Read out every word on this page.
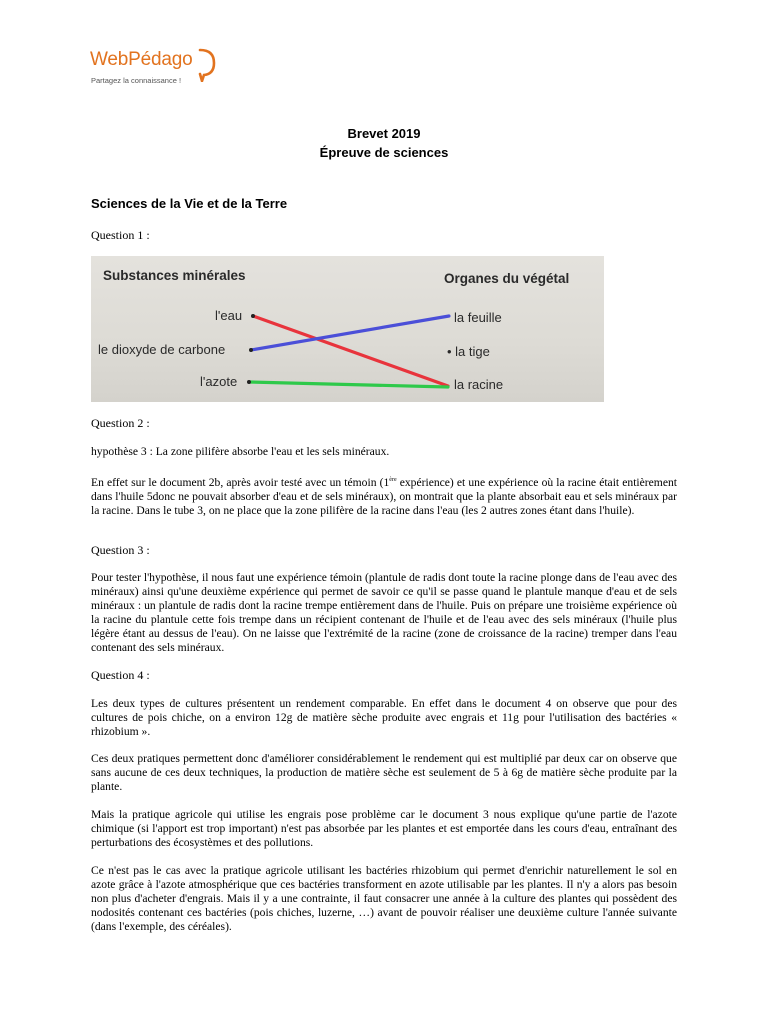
WebPédago
Partagez la connaissance !
Brevet 2019
Épreuve de sciences
Sciences de la Vie et de la Terre
Question 1 :
Substances minérales	Organes du végétal
l'eau
le dioxyde de carbone
l'azote
la feuille
• la tige
la racine
Question 2 :
hypothèse 3 : La zone pilifère absorbe l'eau et les sels minéraux.
En effet sur le document 2b, après avoir testé avec un témoin (1ère expérience) et une expérience où la racine était entièrement dans l'huile 5donc ne pouvait absorber d'eau et de sels minéraux), on montrait que la plante absorbait eau et sels minéraux par la racine. Dans le tube 3, on ne place que la zone pilifère de la racine dans l'eau (les 2 autres zones étant dans l'huile).
Question 3 :
Pour tester l'hypothèse, il nous faut une expérience témoin (plantule de radis dont toute la racine plonge dans de l'eau avec des minéraux) ainsi qu'une deuxième expérience qui permet de savoir ce qu'il se passe quand le plantule manque d'eau et de sels minéraux : un plantule de radis dont la racine trempe entièrement dans de l'huile. Puis on prépare une troisième expérience où la racine du plantule cette fois trempe dans un récipient contenant de l'huile et de l'eau avec des sels minéraux (l'huile plus légère étant au dessus de l'eau). On ne laisse que l'extrémité de la racine (zone de croissance de la racine) tremper dans l'eau contenant des sels minéraux.
Question 4 :
Les deux types de cultures présentent un rendement comparable. En effet dans le document 4 on observe que pour des cultures de pois chiche, on a environ 12g de matière sèche produite avec engrais et 11g pour l'utilisation des bactéries « rhizobium ».
Ces deux pratiques permettent donc d'améliorer considérablement le rendement qui est multiplié par deux car on observe que sans aucune de ces deux techniques, la production de matière sèche est seulement de 5 à 6g de matière sèche produite par la plante.
Mais la pratique agricole qui utilise les engrais pose problème car le document 3 nous explique qu'une partie de l'azote chimique (si l'apport est trop important) n'est pas absorbée par les plantes et est emportée dans les cours d'eau, entraînant des perturbations des écosystèmes et des pollutions.
Ce n'est pas le cas avec la pratique agricole utilisant les bactéries rhizobium qui permet d'enrichir naturellement le sol en azote grâce à l'azote atmosphérique que ces bactéries transforment en azote utilisable par les plantes. Il n'y a alors pas besoin non plus d'acheter d'engrais. Mais il y a une contrainte, il faut consacrer une année à la culture des plantes qui possèdent des nodosités contenant ces bactéries (pois chiches, luzerne, …) avant de pouvoir réaliser une deuxième culture l'année suivante (dans l'exemple, des céréales).
